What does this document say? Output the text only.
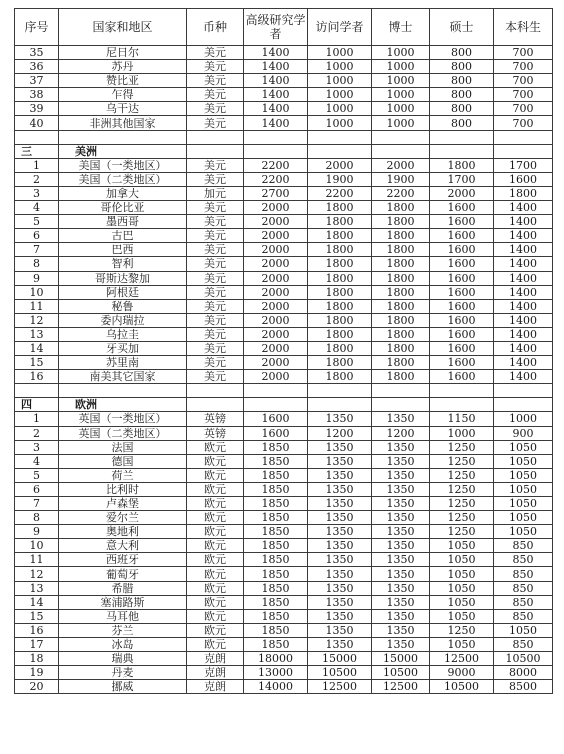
序号	国家和地区	币种	高级研究学者	访问学者	博士	硕士	本科生
35	尼日尔	美元	1400	1000	1000	800	700
36	苏丹	美元	1400	1000	1000	800	700
37	赞比亚	美元	1400	1000	1000	800	700
38	乍得	美元	1400	1000	1000	800	700
39	乌干达	美元	1400	1000	1000	800	700
40	非洲其他国家	美元	1400	1000	1000	800	700

三	美洲						
1	美国（一类地区）	美元	2200	2000	2000	1800	1700
2	美国（二类地区）	美元	2200	1900	1900	1700	1600
3	加拿大	加元	2700	2200	2200	2000	1800
4	哥伦比亚	美元	2000	1800	1800	1600	1400
5	墨西哥	美元	2000	1800	1800	1600	1400
6	古巴	美元	2000	1800	1800	1600	1400
7	巴西	美元	2000	1800	1800	1600	1400
8	智利	美元	2000	1800	1800	1600	1400
9	哥斯达黎加	美元	2000	1800	1800	1600	1400
10	阿根廷	美元	2000	1800	1800	1600	1400
11	秘鲁	美元	2000	1800	1800	1600	1400
12	委内瑞拉	美元	2000	1800	1800	1600	1400
13	乌拉圭	美元	2000	1800	1800	1600	1400
14	牙买加	美元	2000	1800	1800	1600	1400
15	苏里南	美元	2000	1800	1800	1600	1400
16	南美其它国家	美元	2000	1800	1800	1600	1400

四	欧洲						
1	英国（一类地区）	英镑	1600	1350	1350	1150	1000
2	英国（二类地区）	英镑	1600	1200	1200	1000	900
3	法国	欧元	1850	1350	1350	1250	1050
4	德国	欧元	1850	1350	1350	1250	1050
5	荷兰	欧元	1850	1350	1350	1250	1050
6	比利时	欧元	1850	1350	1350	1250	1050
7	卢森堡	欧元	1850	1350	1350	1250	1050
8	爱尔兰	欧元	1850	1350	1350	1250	1050
9	奥地利	欧元	1850	1350	1350	1250	1050
10	意大利	欧元	1850	1350	1350	1050	850
11	西班牙	欧元	1850	1350	1350	1050	850
12	葡萄牙	欧元	1850	1350	1350	1050	850
13	希腊	欧元	1850	1350	1350	1050	850
14	塞浦路斯	欧元	1850	1350	1350	1050	850
15	马耳他	欧元	1850	1350	1350	1050	850
16	芬兰	欧元	1850	1350	1350	1250	1050
17	冰岛	欧元	1850	1350	1350	1050	850
18	瑞典	克朗	18000	15000	15000	12500	10500
19	丹麦	克朗	13000	10500	10500	9000	8000
20	挪威	克朗	14000	12500	12500	10500	8500
